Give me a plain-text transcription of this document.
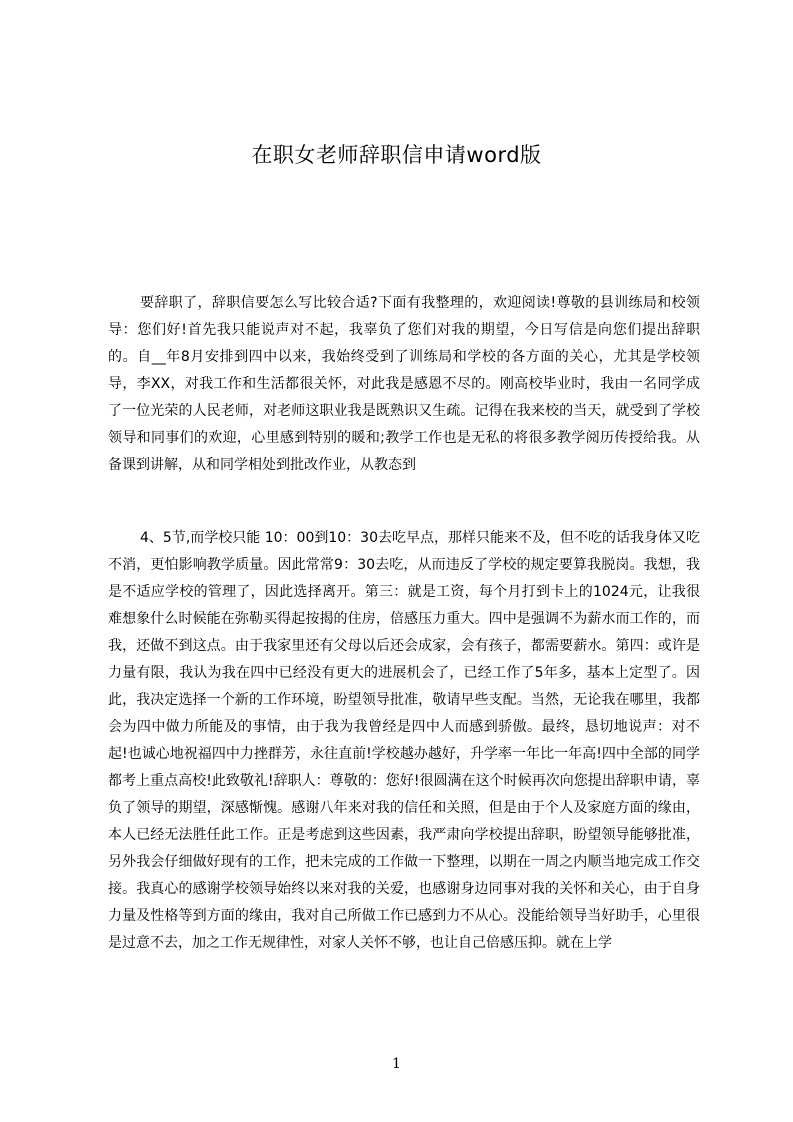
在职女老师辞职信申请word版

要辞职了，辞职信要怎么写比较合适?下面有我整理的，欢迎阅读!尊敬的县训练局和校领导：您们好!首先我只能说声对不起，我辜负了您们对我的期望，今日写信是向您们提出辞职的。自__年8月安排到四中以来，我始终受到了训练局和学校的各方面的关心，尤其是学校领导，李XX，对我工作和生活都很关怀，对此我是感恩不尽的。刚高校毕业时，我由一名同学成了一位光荣的人民老师，对老师这职业我是既熟识又生疏。记得在我来校的当天，就受到了学校领导和同事们的欢迎，心里感到特别的暖和;教学工作也是无私的将很多教学阅历传授给我。从备课到讲解，从和同学相处到批改作业，从教态到

4、5节,而学校只能 10：00到10：30去吃早点，那样只能来不及，但不吃的话我身体又吃不消，更怕影响教学质量。因此常常9：30去吃，从而违反了学校的规定要算我脱岗。我想，我是不适应学校的管理了，因此选择离开。第三：就是工资，每个月打到卡上的1024元，让我很难想象什么时候能在弥勒买得起按揭的住房，倍感压力重大。四中是强调不为薪水而工作的，而我，还做不到这点。由于我家里还有父母以后还会成家，会有孩子，都需要薪水。第四：或许是力量有限，我认为我在四中已经没有更大的进展机会了，已经工作了5年多，基本上定型了。因此，我决定选择一个新的工作环境，盼望领导批准，敬请早些支配。当然，无论我在哪里，我都会为四中做力所能及的事情，由于我为我曾经是四中人而感到骄傲。最终，恳切地说声：对不起!也诚心地祝福四中力挫群芳，永往直前!学校越办越好，升学率一年比一年高!四中全部的同学都考上重点高校!此致敬礼!辞职人：尊敬的：您好!很圆满在这个时候再次向您提出辞职申请，辜负了领导的期望，深感惭愧。感谢八年来对我的信任和关照，但是由于个人及家庭方面的缘由，本人已经无法胜任此工作。正是考虑到这些因素，我严肃向学校提出辞职，盼望领导能够批准，另外我会仔细做好现有的工作，把未完成的工作做一下整理，以期在一周之内顺当地完成工作交接。我真心的感谢学校领导始终以来对我的关爱，也感谢身边同事对我的关怀和关心，由于自身力量及性格等到方面的缘由，我对自己所做工作已感到力不从心。没能给领导当好助手，心里很是过意不去，加之工作无规律性，对家人关怀不够，也让自己倍感压抑。就在上学

1
